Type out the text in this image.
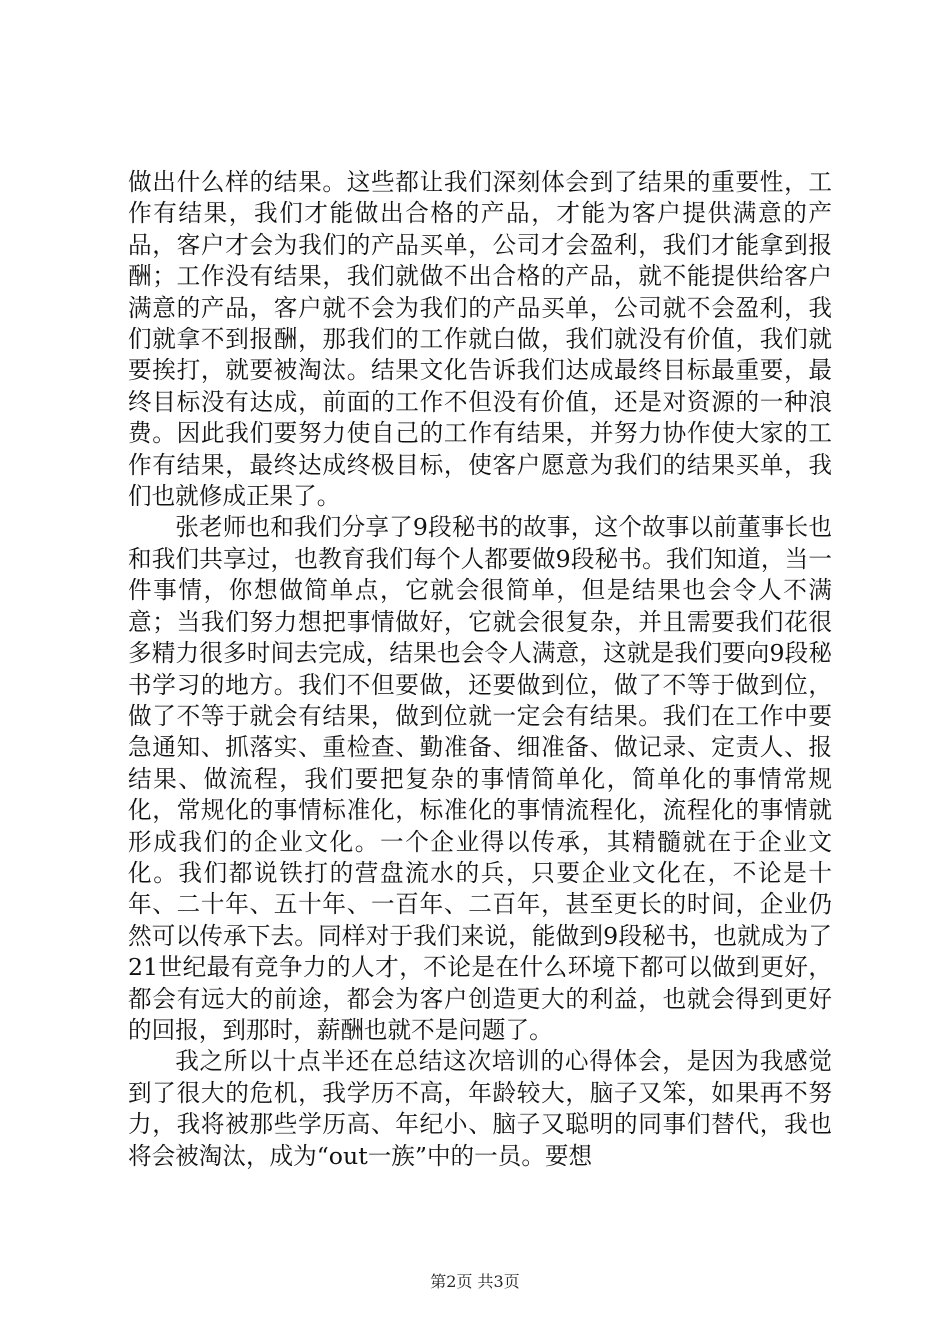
做出什么样的结果。这些都让我们深刻体会到了结果的重要性，工作有结果，我们才能做出合格的产品，才能为客户提供满意的产品，客户才会为我们的产品买单，公司才会盈利，我们才能拿到报酬；工作没有结果，我们就做不出合格的产品，就不能提供给客户满意的产品，客户就不会为我们的产品买单，公司就不会盈利，我们就拿不到报酬，那我们的工作就白做，我们就没有价值，我们就要挨打，就要被淘汰。结果文化告诉我们达成最终目标最重要，最终目标没有达成，前面的工作不但没有价值，还是对资源的一种浪费。因此我们要努力使自己的工作有结果，并努力协作使大家的工作有结果，最终达成终极目标，使客户愿意为我们的结果买单，我们也就修成正果了。

张老师也和我们分享了9段秘书的故事，这个故事以前董事长也和我们共享过，也教育我们每个人都要做9段秘书。我们知道，当一件事情，你想做简单点，它就会很简单，但是结果也会令人不满意；当我们努力想把事情做好，它就会很复杂，并且需要我们花很多精力很多时间去完成，结果也会令人满意，这就是我们要向9段秘书学习的地方。我们不但要做，还要做到位，做了不等于做到位，做了不等于就会有结果，做到位就一定会有结果。我们在工作中要急通知、抓落实、重检查、勤准备、细准备、做记录、定责人、报结果、做流程，我们要把复杂的事情简单化，简单化的事情常规化，常规化的事情标准化，标准化的事情流程化，流程化的事情就形成我们的企业文化。一个企业得以传承，其精髓就在于企业文化。我们都说铁打的营盘流水的兵，只要企业文化在，不论是十年、二十年、五十年、一百年、二百年，甚至更长的时间，企业仍然可以传承下去。同样对于我们来说，能做到9段秘书，也就成为了21世纪最有竞争力的人才，不论是在什么环境下都可以做到更好，都会有远大的前途，都会为客户创造更大的利益，也就会得到更好的回报，到那时，薪酬也就不是问题了。

我之所以十点半还在总结这次培训的心得体会，是因为我感觉到了很大的危机，我学历不高，年龄较大，脑子又笨，如果再不努力，我将被那些学历高、年纪小、脑子又聪明的同事们替代，我也将会被淘汰，成为“out一族”中的一员。要想

第2页 共3页
